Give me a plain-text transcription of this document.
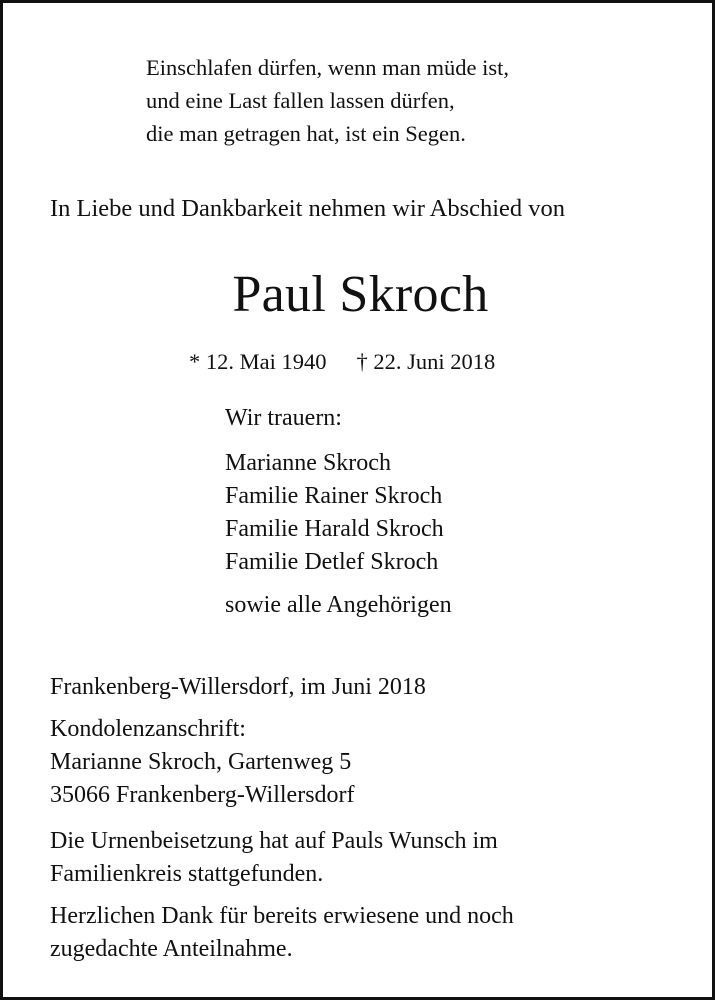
Einschlafen dürfen, wenn man müde ist,

und eine Last fallen lassen dürfen,

die man getragen hat, ist ein Segen.

In Liebe und Dankbarkeit nehmen wir Abschied von

Paul Skroch

* 12. Mai 1940 † 22. Juni 2018

Wir trauern:

Marianne Skroch

Familie Rainer Skroch

Familie Harald Skroch

Familie Detlef Skroch

sowie alle Angehörigen

Frankenberg-Willersdorf, im Juni 2018

Kondolenzanschrift:

Marianne Skroch, Gartenweg 5

35066 Frankenberg-Willersdorf

Die Urnenbeisetzung hat auf Pauls Wunsch im

Familienkreis stattgefunden.

Herzlichen Dank für bereits erwiesene und noch

zugedachte Anteilnahme.
